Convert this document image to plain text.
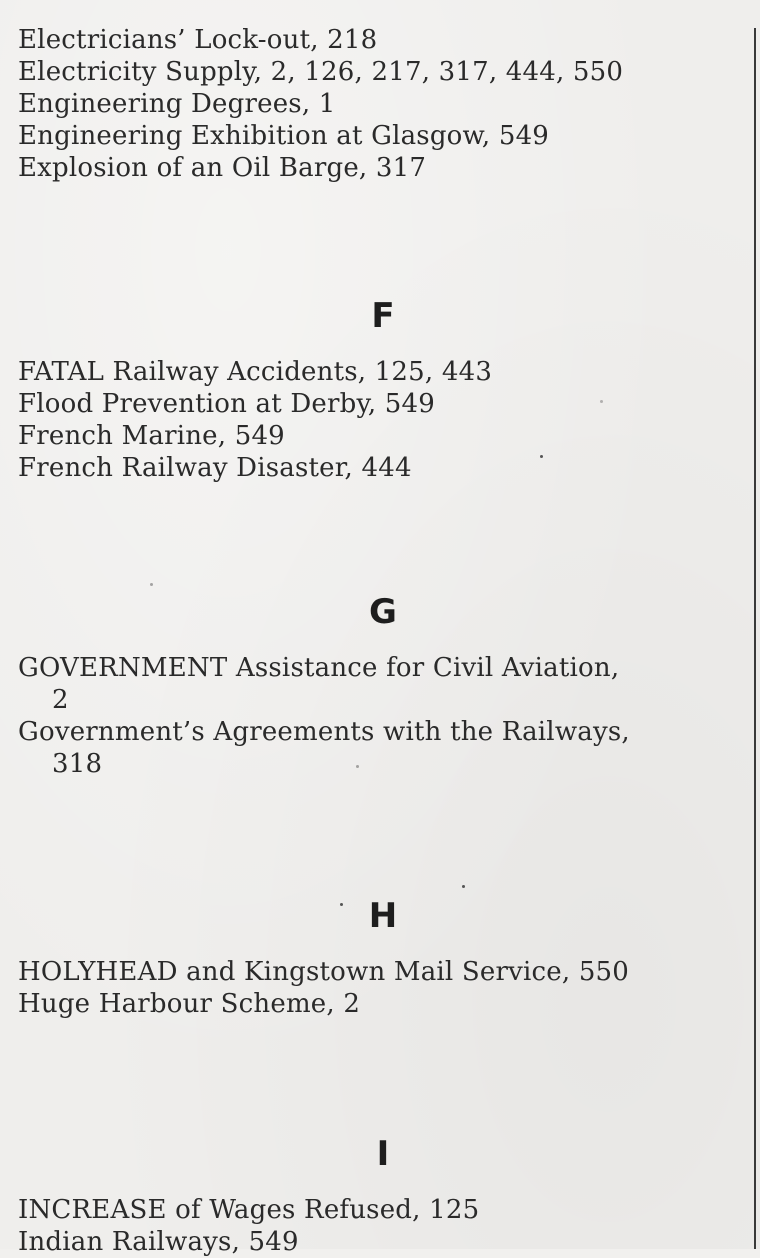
Electricians’ Lock-out, 218
Electricity Supply, 2, 126, 217, 317, 444, 550
Engineering Degrees, 1
Engineering Exhibition at Glasgow, 549
Explosion of an Oil Barge, 317
F
FATAL Railway Accidents, 125, 443
Flood Prevention at Derby, 549
French Marine, 549
French Railway Disaster, 444
G
GOVERNMENT Assistance for Civil Aviation,
2
Government’s Agreements with the Railways,
318
H
HOLYHEAD and Kingstown Mail Service, 550
Huge Harbour Scheme, 2
I
INCREASE of Wages Refused, 125
Indian Railways, 549
